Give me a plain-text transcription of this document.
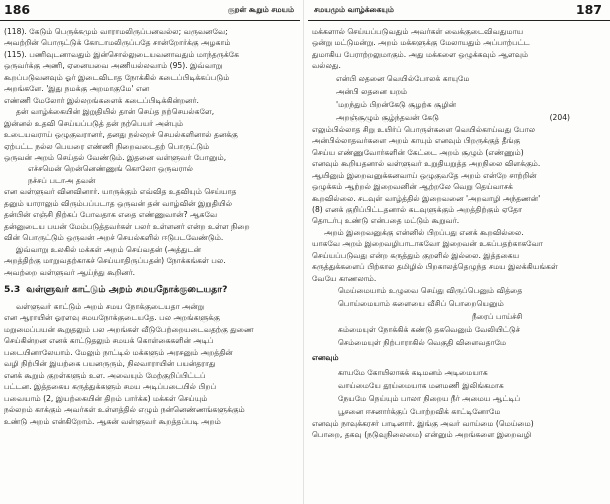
186	குறள் கூறும் சமயம்
(118). கேடும் பெருக்கமும் வாராமலிருப்பனவல்ல; வருவனவே;
அவற்றின் பொருட்டுக் கோடாமலிருப்பதே சான்றோர்க்கு அழகாம்
(115). பணிவுடனாவதும் இன்சொல்லுடையவனாவதும் மாந்தருக்கே
ஒருவர்க்கு அணி, ஏனையவை அணியல்லவாம் (95). இவ்வாறு
கூறப்படுவனவும் ஓர் இடைவிடாத நோக்கில் கடைப்பிடிக்கப்படும்
அறங்களே. 'இது நமக்கு அறமாகுமே' என
எண்ணி மேலோர் இல்லறங்களைக் கடைப்பிடிக்கின்றனர்.
தன் வாழ்க்கையின் இறுதியில் தான் செய்த நற்செயல்களே,
இன்னல் உதவி செய்யப்படுத் தன் நற்பெயர் அன்பும்
உடையவராய் ஒழுகுவரானர், தனது நல்லறச் செயல்களினால் தனக்கு
ஏற்பட்ட நல்ல பெயரை எண்ணி நிறைவடைதற் பொருட்டும்
ஒருவன் அறம் செய்தல் வேண்டும். இதனை வள்ளுவர் போனும்,
எச்சமென் றென்னெண்ணுங் கொலோ ஒருவரால்
நச்சப் படாஅ தவன்
என வள்ளுவர் வினவினார். யாருக்கும் எவ்வித உதவியும் செய்யாத
தனும் யாராலும் விரும்பப்படாத ஒருவன் தன் வாழ்வின் இறுதியில்
தன்பின் எஞ்சி நிற்கப் போவதாக எதை எண்ணுவான்? ஆகவே
தன்னுடைய பயன் மேம்படுத்தவர்கள் பலர் உள்ளனர் என்ற உள்ள நிறை
வின் பொருட்டும் ஒருவன் அறச் செயல்களில் ஈடுபடவேண்டும்.
இவ்வாறு உலகில் மக்கள் அறம் செய்வதன் (அத்துடன்
அறத்திற்கு மாறுவதற்காகச் செய்யாதிருப்பதன்) நோக்கங்கள் பல.
அவற்றை வள்ளுவர் ஆய்ந்து கூறினர்.
5.3 வள்ளுவர் காட்டும் அறம் சமயநோக்குடையதா?
வள்ளுவர் காட்டும் அறம் சமய நோக்குடையதா அன்று
என ஆராயின் ஓரளவு சமயநோக்குடையதே. பல அறங்களுக்கு
மறுமைப்பயன் கூறுதலும் பல அறங்கள் வீடுபேற்றையடைவதற்கு துணை
செய்கின்றன எனக் காட்டுதலும் சமயக் கொள்கைகளின் அடிப்
படையினாலேயாம். மேலும் நாட்டில் மக்களும் அரசனும் அறத்தின்
வழி நிற்பின் இயற்கை பயனருரும், நிலவாராயின் பயன்தராது
எனக் கூறும் குறள்களும் உள. அவையும் மேற்குறிப்பிட்டப்
பட்டன. இத்தகைய கருத்துக்களும் சமய அடிப்படையில் பிறப்
பவையாம் (2, இயற்கையின் திறம் பார்க்க) மக்கள் செய்யும்
நல்லறம் காக்கும் அவர்கள் உள்ளத்தில் எழும் நன்னெண்ணங்களுக்கும்
உண்டு அறம் என்கிறோம். ஆகன் வள்ளுவர் கூறத்தப்படி அறம்
சமயமும் வாழ்க்கையும்	187
மக்களால் செய்யப்படுவதும் அவர்கள் வைக்குடைவிவதுமாய
ஒன்று மட்டுமன்று. அறம் மக்களுக்கு மேலாயதும் அப்பாற்பட்ட
துமாகிய பேராற்றலுமாகும். அது மக்களை ஒழுக்கவும் ஆளவும்
வல்லது.
என்பி லதனை வெயில்போலக் காயுமே
அன்பி லதனை யறம்
'மறந்தும் பிறன்கேடு சூழற்க சூழின்
அறஞ்சூழும் சூழ்ந்தவன் கேடு	(204)
எலும்பில்லாத சிறு உயிர்ப் பொருள்களை வெயில்காய்வது போல
அன்பில்லாதவர்களை அறம் காயும் எனவும் பிறருக்குத் தீங்கு
செய்ய எண்ணுவோர்களின் கேட்டை அறம் சூழும் (எண்ணும்)
எனவும் கூறியதனால் வள்ளுவர் உறுதியறுத்த அறநிலை விளக்கும்.
ஆயினும் இறைவனுக்கனவாய் ஒழுகுவதே அறம் என்றே சாற்றின்
ஒழுக்கம் ஆற்றல் இறைவனின் ஆற்றலே வெறு தெய்வாசக்
கூறவில்லை. சடவுள் வாழ்த்தில் இறைவனை 'அறவாழி அந்தணன்'
(8) எனக் குறிப்பிட்டதனால் கடவுளுக்கும் அறத்திற்கும் ஏதோ
தொடர்பு உண்டு என்பதை மட்டும் கூறுவர்.
அறம் இறைவனுக்கு என்னில் பிறப்பது எனக் கூறவில்லை.
யாகவே அறம் இறைவழிபாடாகவோ இறைவன் உகப்பதற்காகவோ
செய்யப்படுவது என்ற கருத்தும் குறளில் இல்லை. இத்தகைய
கருத்துக்களைப் பிற்கால தமிழில் பிறகாலத்தெழுந்த சமய இலக்கியங்கள்
வேயே காணலாம்.
மெய்மையாம் உழுவை செய்து விருப்பெனும் வித்தை
பொய்மையாம் களையை வீசிப் பொறையெனும்
நீரைப் பாய்ச்சி
சும்மையுள் நோக்கிக் கண்டு தகவெனும் வேலியிட்டுச்
செம்மையுள் நிற்பாராகில் வெகுதி விளைவதாமே
எனவும்
காயமே கோயிலாகக் கடிமனம் அடிமையாக
வாய்மையே தூய்மையாக மனமணி இலிங்கமாக
நேயமே நெய்யும் பாலா நிறைய நீர் அமைய ஆட்டிப்
பூசனை ஈசனார்க்குப் போற்றவிக் காட்டினோமே
எனவும் நாவுக்கரசர் பாடினார். இங்கு அவர் வாய்மை (மெய்மை)
பொறை, தகவு (நடுவுநிலைமை) என்னும் அறங்களை இறைவழி
